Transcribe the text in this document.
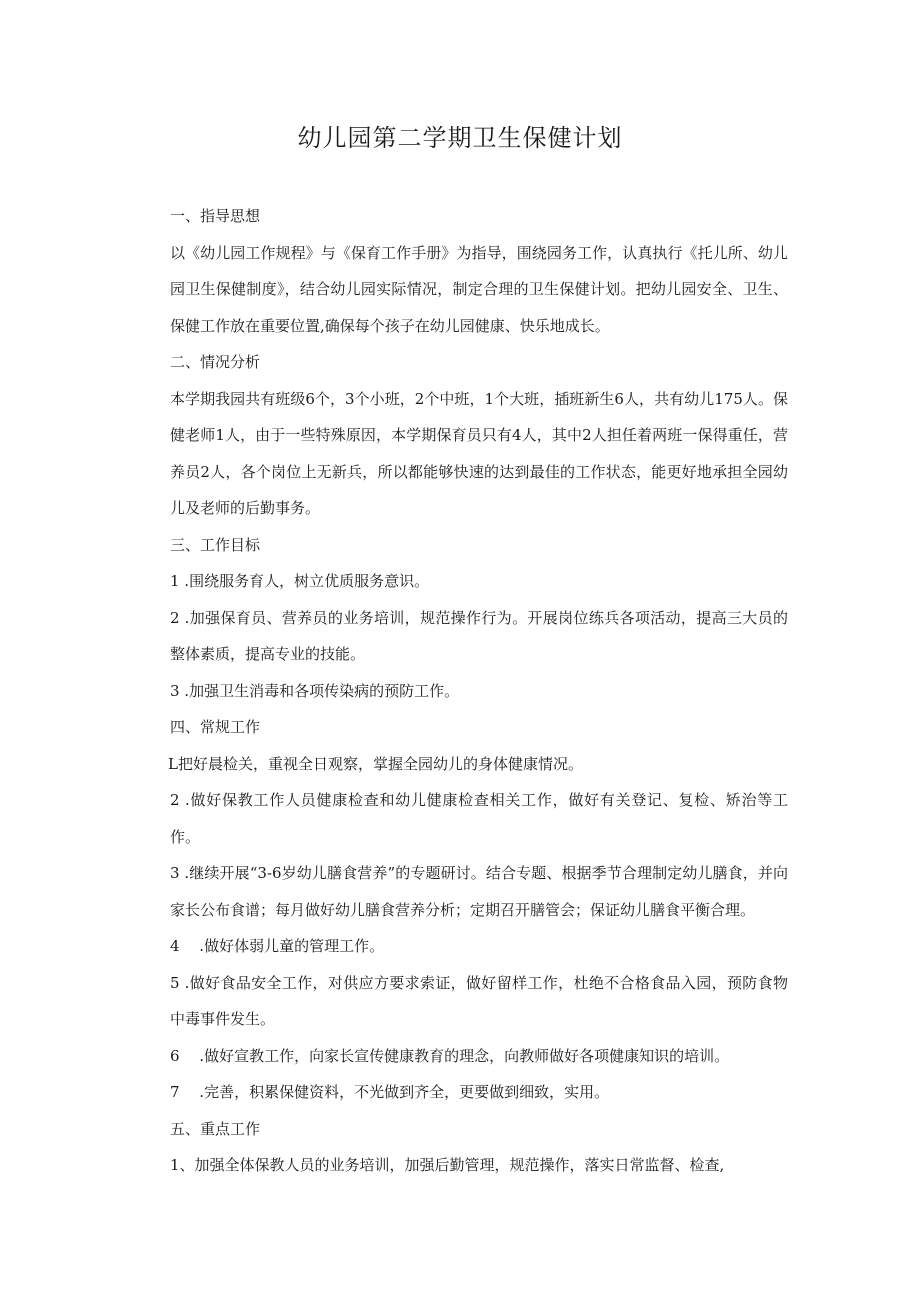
幼儿园第二学期卫生保健计划

一、指导思想

以《幼儿园工作规程》与《保育工作手册》为指导，围绕园务工作，认真执行《托儿所、幼儿园卫生保健制度》，结合幼儿园实际情况，制定合理的卫生保健计划。把幼儿园安全、卫生、保健工作放在重要位置,确保每个孩子在幼儿园健康、快乐地成长。

二、情况分析

本学期我园共有班级6个，3个小班，2个中班，1个大班，插班新生6人，共有幼儿175人。保健老师1人，由于一些特殊原因，本学期保育员只有4人，其中2人担任着两班一保得重任，营养员2人，各个岗位上无新兵，所以都能够快速的达到最佳的工作状态，能更好地承担全园幼儿及老师的后勤事务。

三、工作目标

1 .围绕服务育人，树立优质服务意识。

2 .加强保育员、营养员的业务培训，规范操作行为。开展岗位练兵各项活动，提高三大员的整体素质，提高专业的技能。

3 .加强卫生消毒和各项传染病的预防工作。

四、常规工作

L把好晨检关，重视全日观察，掌握全园幼儿的身体健康情况。

2 .做好保教工作人员健康检查和幼儿健康检查相关工作，做好有关登记、复检、矫治等工作。

3 .继续开展“3-6岁幼儿膳食营养”的专题研讨。结合专题、根据季节合理制定幼儿膳食，并向家长公布食谱；每月做好幼儿膳食营养分析；定期召开膳管会；保证幼儿膳食平衡合理。

4　 .做好体弱儿童的管理工作。

5 .做好食品安全工作，对供应方要求索证，做好留样工作，杜绝不合格食品入园，预防食物中毒事件发生。

6　 .做好宣教工作，向家长宣传健康教育的理念，向教师做好各项健康知识的培训。

7　 .完善，积累保健资料，不光做到齐全，更要做到细致，实用。

五、重点工作

1、加强全体保教人员的业务培训，加强后勤管理，规范操作，落实日常监督、检查,
